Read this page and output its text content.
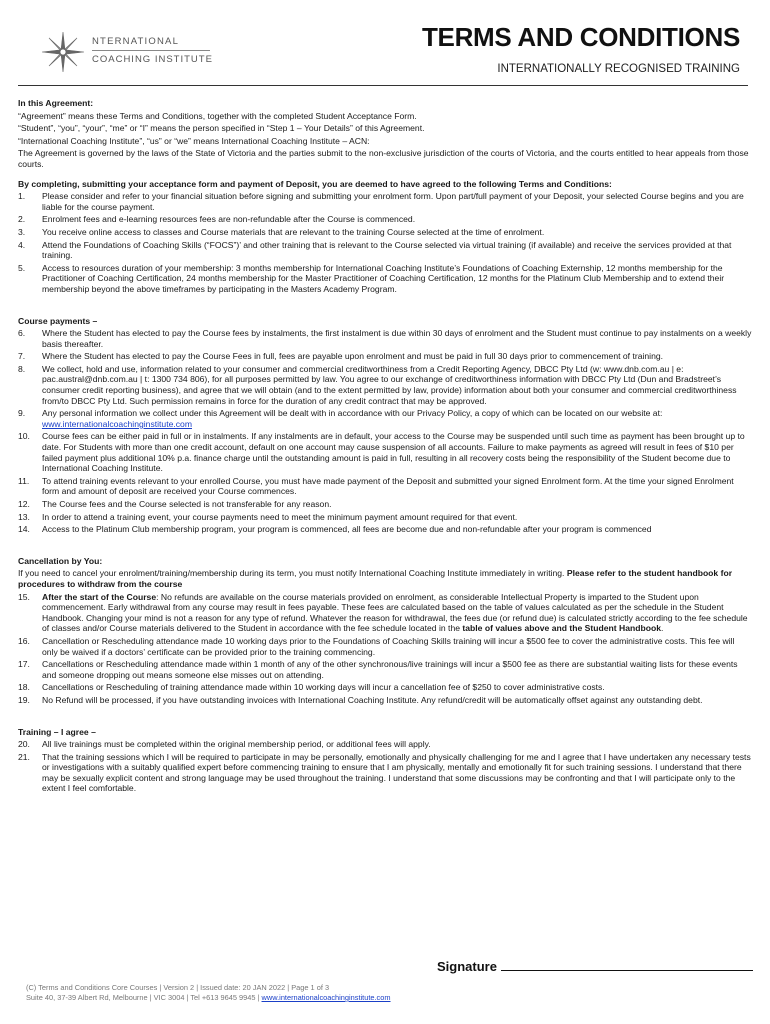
NTERNATIONAL
COACHING INSTITUTE
TERMS AND CONDITIONS
INTERNATIONALLY RECOGNISED TRAINING

In this Agreement:

“Agreement” means these Terms and Conditions, together with the completed Student Acceptance Form.

“Student”, “you”, “your”, “me” or “I” means the person specified in “Step 1 – Your Details” of this Agreement.

“International Coaching Institute”, “us” or “we” means International Coaching Institute – ACN:

The Agreement is governed by the laws of the State of Victoria and the parties submit to the non-exclusive jurisdiction of the courts of Victoria, and the courts entitled to hear appeals from those courts.

By completing, submitting your acceptance form and payment of Deposit, you are deemed to have agreed to the following Terms and Conditions:

1.	Please consider and refer to your financial situation before signing and submitting your enrolment form. Upon part/full payment of your Deposit, your selected Course begins and you are liable for the course payment.
2.	Enrolment fees and e-learning resources fees are non-refundable after the Course is commenced.
3.	You receive online access to classes and Course materials that are relevant to the training Course selected at the time of enrolment.
4.	Attend the Foundations of Coaching Skills (“FOCS”)’ and other training that is relevant to the Course selected via virtual training (if available) and receive the services provided at that training.
5.	Access to resources duration of your membership: 3 months membership for International Coaching Institute’s Foundations of Coaching Externship, 12 months membership for the Practitioner of Coaching Certification, 24 months membership for the Master Practitioner of Coaching Certification, 12 months for the Platinum Club Membership and to extend their membership beyond the above timeframes by participating in the Masters Academy Program.

Course payments –

6.	Where the Student has elected to pay the Course fees by instalments, the first instalment is due within 30 days of enrolment and the Student must continue to pay instalments on a weekly basis thereafter.
7.	Where the Student has elected to pay the Course Fees in full, fees are payable upon enrolment and must be paid in full 30 days prior to commencement of training.
8.	We collect, hold and use, information related to your consumer and commercial creditworthiness from a Credit Reporting Agency, DBCC Pty Ltd (w: www.dnb.com.au | e: pac.austral@dnb.com.au | t: 1300 734 806), for all purposes permitted by law. You agree to our exchange of creditworthiness information with DBCC Pty Ltd (Dun and Bradstreet’s consumer credit reporting business), and agree that we will obtain (and to the extent permitted by law, provide) information about both your consumer and commercial creditworthiness from/to DBCC Pty Ltd. Such permission remains in force for the duration of any credit contract that may be approved.
9.	Any personal information we collect under this Agreement will be dealt with in accordance with our Privacy Policy, a copy of which can be located on our website at: www.internationalcoachinginstitute.com
10.	Course fees can be either paid in full or in instalments. If any instalments are in default, your access to the Course may be suspended until such time as payment has been brought up to date. For Students with more than one credit account, default on one account may cause suspension of all accounts. Failure to make payments as agreed will result in fees of $10 per failed payment plus additional 10% p.a. finance charge until the outstanding amount is paid in full, resulting in all recovery costs being the responsibility of the Student become due to International Coaching Institute.
11.	To attend training events relevant to your enrolled Course, you must have made payment of the Deposit and submitted your signed Enrolment form. At the time your signed Enrolment form and amount of deposit are received your Course commences.
12.	The Course fees and the Course selected is not transferable for any reason.
13.	In order to attend a training event, your course payments need to meet the minimum payment amount required for that event.
14.	Access to the Platinum Club membership program, your program is commenced, all fees are become due and non-refundable after your program is commenced

Cancellation by You:

If you need to cancel your enrolment/training/membership during its term, you must notify International Coaching Institute immediately in writing. Please refer to the student handbook for procedures to withdraw from the course

15.	After the start of the Course: No refunds are available on the course materials provided on enrolment, as considerable Intellectual Property is imparted to the Student upon commencement. Early withdrawal from any course may result in fees payable. These fees are calculated based on the table of values calculated as per the schedule in the Student Handbook. Changing your mind is not a reason for any type of refund. Whatever the reason for withdrawal, the fees due (or refund due) is calculated strictly according to the fee schedule of classes and/or Course materials delivered to the Student in accordance with the fee schedule located in the table of values above and the Student Handbook.
16.	Cancellation or Rescheduling attendance made 10 working days prior to the Foundations of Coaching Skills training will incur a $500 fee to cover the administrative costs. This fee will only be waived if a doctors’ certificate can be provided prior to the training commencing.
17.	Cancellations or Rescheduling attendance made within 1 month of any of the other synchronous/live trainings will incur a $500 fee as there are substantial waiting lists for these events and someone dropping out means someone else misses out on attending.
18.	Cancellations or Rescheduling of training attendance made within 10 working days will incur a cancellation fee of $250 to cover administrative costs.
19.	No Refund will be processed, if you have outstanding invoices with International Coaching Institute. Any refund/credit will be automatically offset against any outstanding debt.

Training – I agree –

20.	All live trainings must be completed within the original membership period, or additional fees will apply.
21.	That the training sessions which I will be required to participate in may be personally, emotionally and physically challenging for me and I agree that I have undertaken any necessary tests or investigations with a suitably qualified expert before commencing training to ensure that I am physically, mentally and emotionally fit for such training sessions. I understand that there may be sexually explicit content and strong language may be used throughout the training. I understand that some discussions may be confronting and that I will participate only to the extent I feel comfortable.
Signature
(C) Terms and Conditions Core Courses | Version 2 | Issued date: 20 JAN 2022 | Page 1 of 3
Suite 40, 37-39 Albert Rd, Melbourne | VIC 3004 | Tel +613 9645 9945 | www.internationalcoachinginstitute.com
